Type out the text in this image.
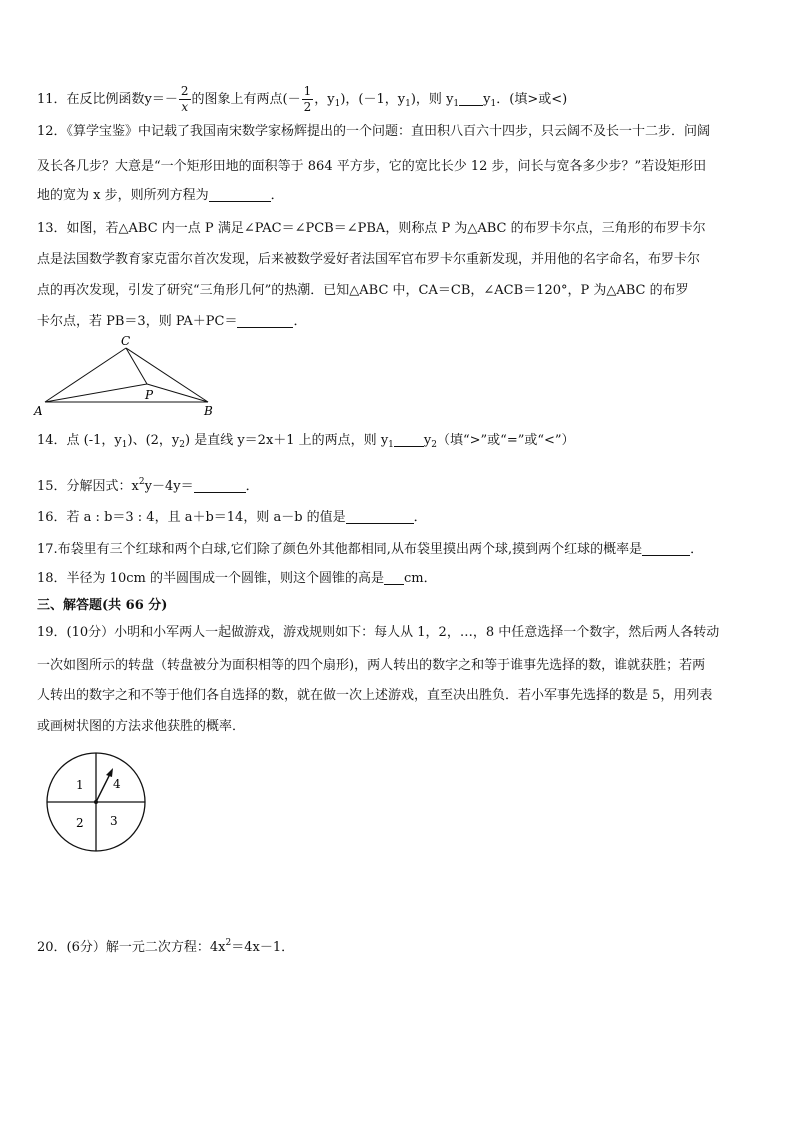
11．在反比例函数$y=- \frac{2}{x}$ 的图象上有两点(－ $\frac{1}{2}$ ，$y_1$)，(－1，$y_1$)，则 $y_1$ $y_1$．(填>或<)
12．《算学宝鉴》中记载了我国南宋数学家杨辉提出的一个问题：直田积八百六十四步，只云阔不及长一十二步．问阔
及长各几步？大意是“一个矩形田地的面积等于 864 平方步，它的宽比长少 12 步，问长与宽各多少步？”若设矩形田
地的宽为 x 步，则所列方程为	．
13．如图，若△ABC 内一点 P 满足∠PAC＝∠PCB＝∠PBA，则称点 P 为△ABC 的布罗卡尔点，三角形的布罗卡尔
点是法国数学教育家克雷尔首次发现，后来被数学爱好者法国军官布罗卡尔重新发现，并用他的名字命名，布罗卡尔
点的再次发现，引发了研究“三角形几何”的热潮．已知△ABC 中，CA＝CB，∠ACB＝120°，P 为△ABC 的布罗
卡尔点，若 PB＝3，则 PA＋PC＝	．
C
A	B
P
14．点 (-1，$y_1$)、(2，$y_2$) 是直线 y＝2x＋1 上的两点，则 $y_1$ $y_2$（填“>”或“=”或“<”）
15．分解因式：$x^2y-4y=$	．
16．若 a : b＝3 : 4，且 a＋b＝14，则 a－b 的值是	．
17.布袋里有三个红球和两个白球,它们除了颜色外其他都相同,从布袋里摸出两个球,摸到两个红球的概率是	．
18．半径为 10cm 的半圆围成一个圆锥，则这个圆锥的高是 cm．
三、解答题(共 66 分)
19．(10分）小明和小军两人一起做游戏，游戏规则如下：每人从 1，2，…，8 中任意选择一个数字，然后两人各转动
一次如图所示的转盘（转盘被分为面积相等的四个扇形)，两人转出的数字之和等于谁事先选择的数，谁就获胜；若两
人转出的数字之和不等于他们各自选择的数，就在做一次上述游戏，直至决出胜负．若小军事先选择的数是 5，用列表
或画树状图的方法求他获胜的概率．
1 4
2 3
20．(6分）解一元二次方程：$4x^2=4x-1$．
